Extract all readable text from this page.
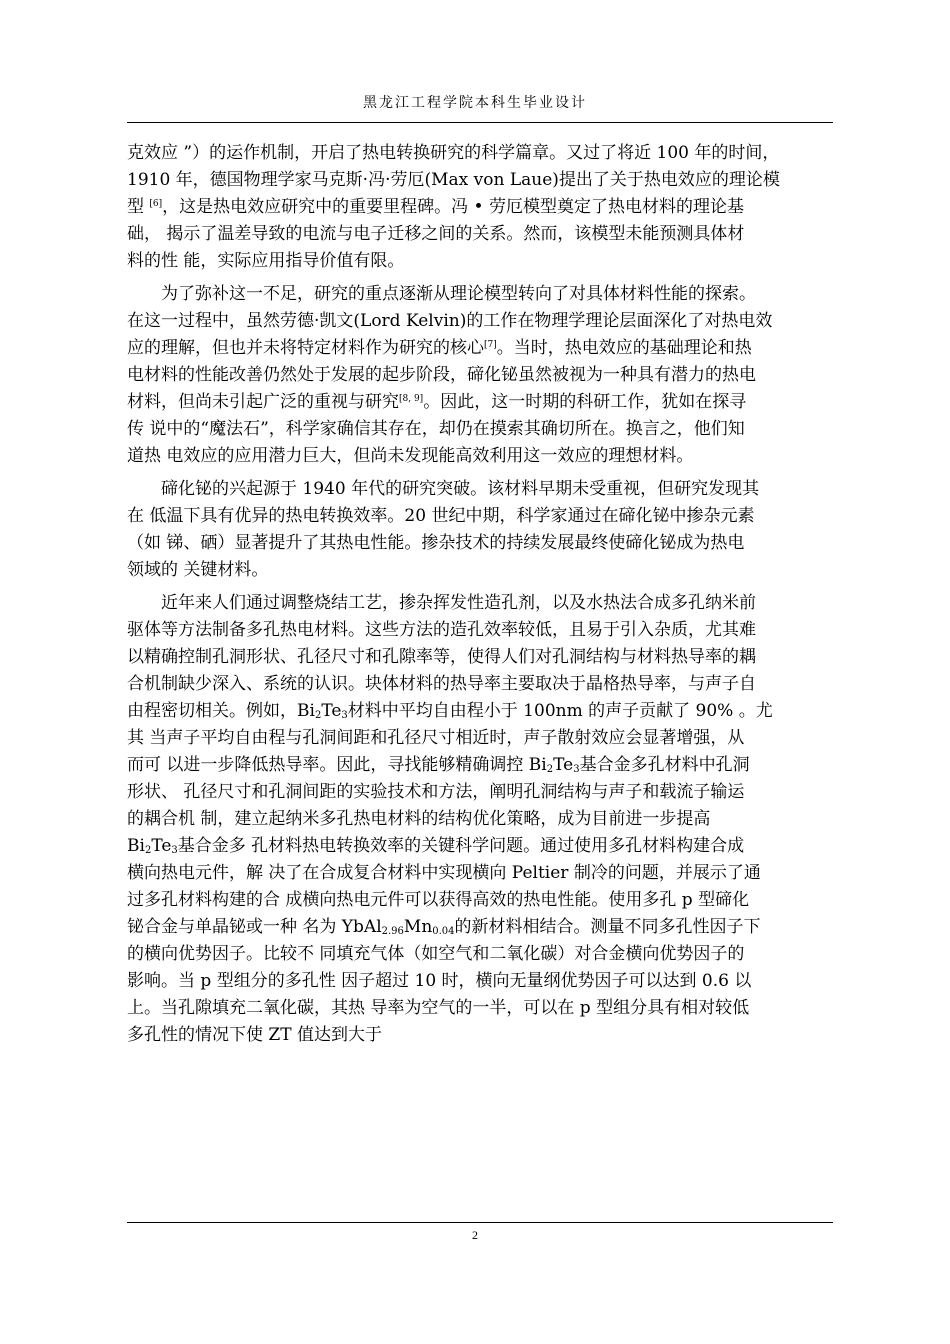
黑龙江工程学院本科生毕业设计
克效应 ”）的运作机制，开启了热电转换研究的科学篇章。又过了将近 100 年的时间，
1910 年，德国物理学家马克斯·冯·劳厄(Max von Laue)提出了关于热电效应的理论模
型 [6]，这是热电效应研究中的重要里程碑。冯 • 劳厄模型奠定了热电材料的理论基
础， 揭示了温差导致的电流与电子迁移之间的关系。然而，该模型未能预测具体材
料的性 能，实际应用指导价值有限。
为了弥补这一不足，研究的重点逐渐从理论模型转向了对具体材料性能的探索。
在这一过程中，虽然劳德·凯文(Lord Kelvin)的工作在物理学理论层面深化了对热电效
应的理解，但也并未将特定材料作为研究的核心[7]。当时，热电效应的基础理论和热
电材料的性能改善仍然处于发展的起步阶段，碲化铋虽然被视为一种具有潜力的热电
材料，但尚未引起广泛的重视与研究[8, 9]。因此，这一时期的科研工作，犹如在探寻
传 说中的“魔法石”，科学家确信其存在，却仍在摸索其确切所在。换言之，他们知
道热 电效应的应用潜力巨大，但尚未发现能高效利用这一效应的理想材料。
碲化铋的兴起源于 1940 年代的研究突破。该材料早期未受重视，但研究发现其
在 低温下具有优异的热电转换效率。20 世纪中期，科学家通过在碲化铋中掺杂元素
（如 锑、硒）显著提升了其热电性能。掺杂技术的持续发展最终使碲化铋成为热电
领域的 关键材料。
近年来人们通过调整烧结工艺，掺杂挥发性造孔剂，以及水热法合成多孔纳米前
驱体等方法制备多孔热电材料。这些方法的造孔效率较低，且易于引入杂质，尤其难
以精确控制孔洞形状、孔径尺寸和孔隙率等，使得人们对孔洞结构与材料热导率的耦
合机制缺少深入、系统的认识。块体材料的热导率主要取决于晶格热导率，与声子自
由程密切相关。例如，$Bi_2Te_3$材料中平均自由程小于 100nm 的声子贡献了 90% 。尤
其 当声子平均自由程与孔洞间距和孔径尺寸相近时，声子散射效应会显著增强，从
而可 以进一步降低热导率。因此，寻找能够精确调控 $Bi_2Te_3$基合金多孔材料中孔洞
形状、 孔径尺寸和孔洞间距的实验技术和方法，阐明孔洞结构与声子和载流子输运
的耦合机 制，建立起纳米多孔热电材料的结构优化策略，成为目前进一步提高
$Bi_2Te_3$基合金多 孔材料热电转换效率的关键科学问题。通过使用多孔材料构建合成
横向热电元件，解 决了在合成复合材料中实现横向 Peltier 制冷的问题，并展示了通
过多孔材料构建的合 成横向热电元件可以获得高效的热电性能。使用多孔 p 型碲化
铋合金与单晶铋或一种 名为 $YbAl_{2.96}Mn_{0.04}$的新材料相结合。测量不同多孔性因子下
的横向优势因子。比较不 同填充气体（如空气和二氧化碳）对合金横向优势因子的
影响。当 p 型组分的多孔性 因子超过 10 时，横向无量纲优势因子可以达到 0.6 以
上。当孔隙填充二氧化碳，其热 导率为空气的一半，可以在 p 型组分具有相对较低
多孔性的情况下使 ZT 值达到大于
2
